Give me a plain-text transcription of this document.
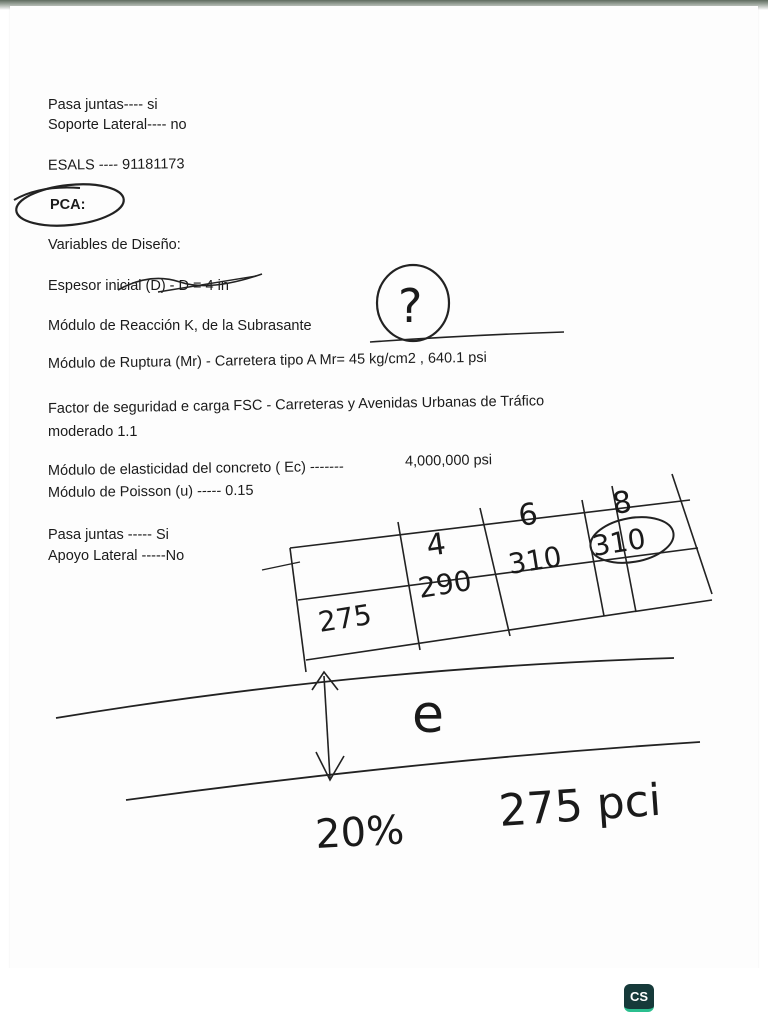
Pasa juntas---- si

Soporte Lateral---- no

ESALS ---- 91181173

PCA:

Variables de Diseño:

Espesor inicial (D) - D = 4 in

Módulo de Reacción K, de la Subrasante

Módulo de Ruptura (Mr) - Carretera tipo A Mr= 45 kg/cm2 , 640.1 psi

Factor de seguridad e carga FSC - Carreteras y Avenidas Urbanas de Tráfico

moderado 1.1

Módulo de elasticidad del concreto ( Ec) -------	4,000,000 psi

Módulo de Poisson (u) ----- 0.15

Pasa juntas ----- Si

Apoyo Lateral -----No

?
4
6 8
275
290
310 310
e
20% 275 pci
CS
